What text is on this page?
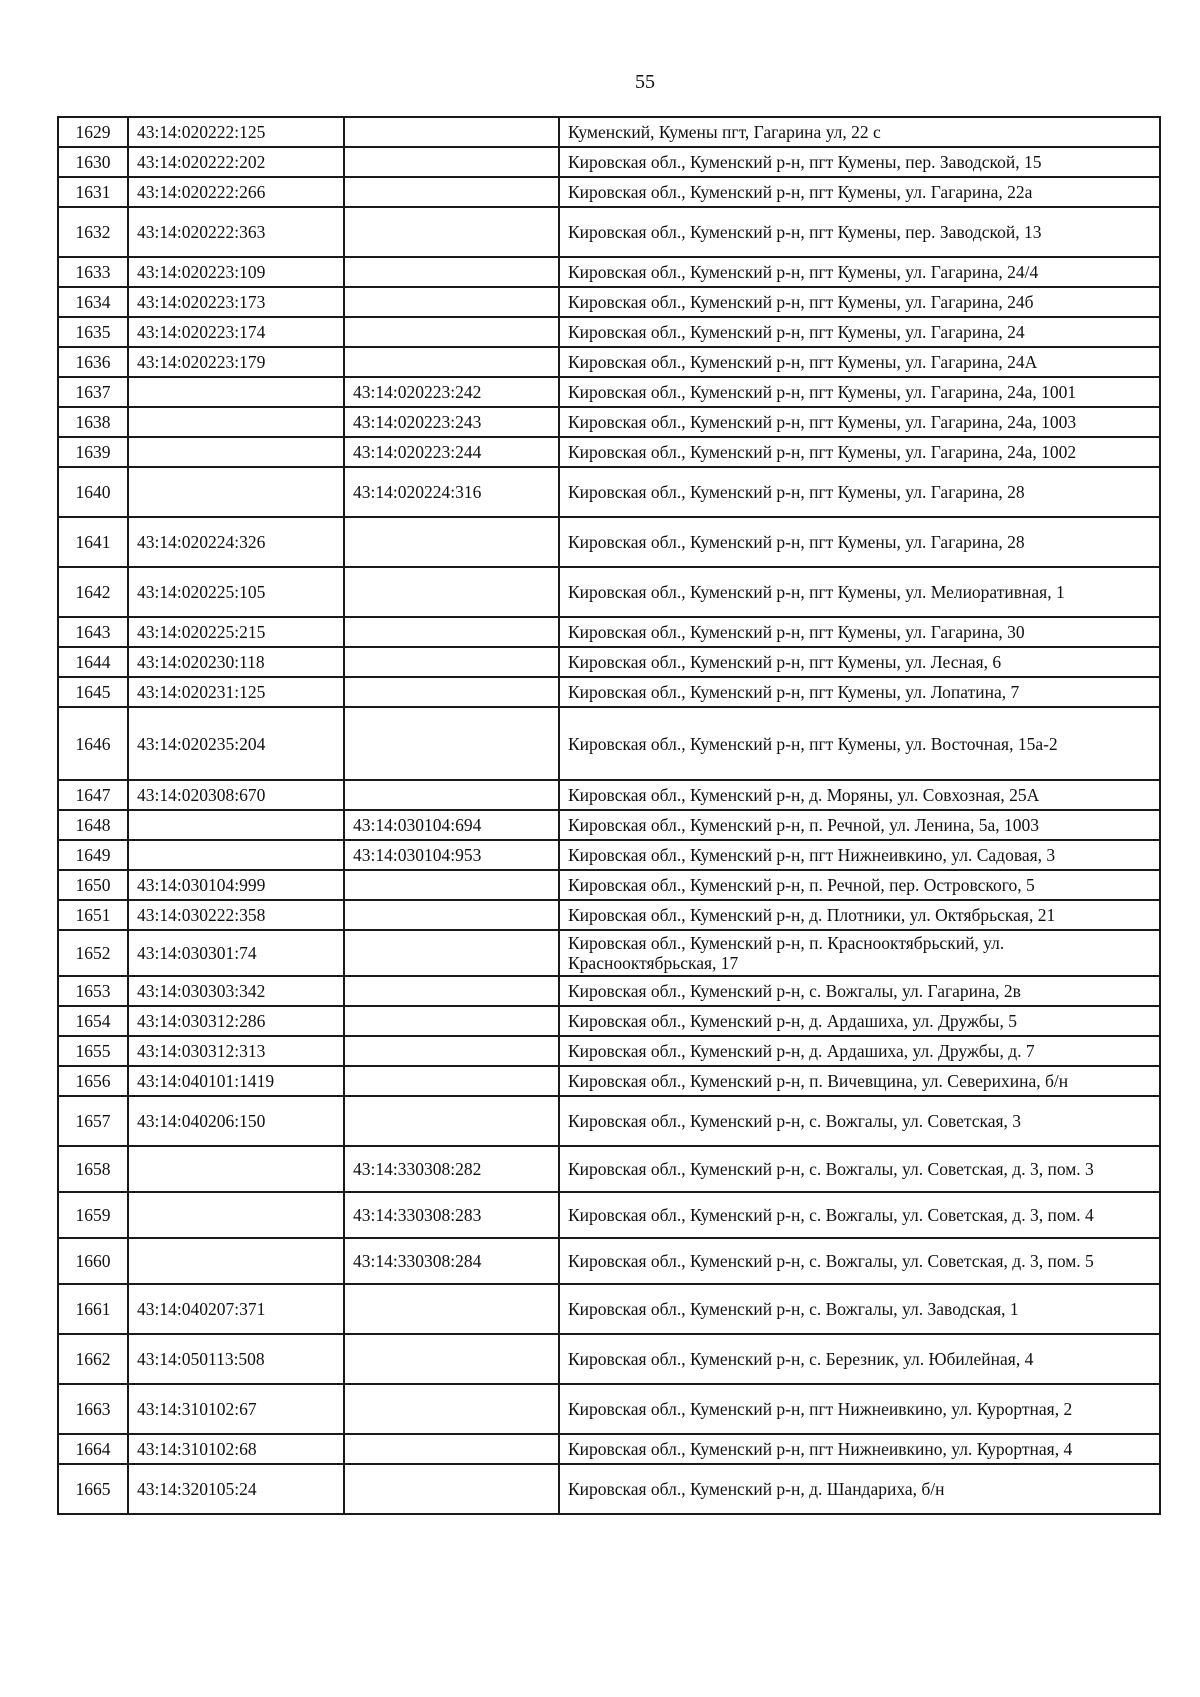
55
1629	43:14:020222:125		Куменский, Кумены пгт, Гагарина ул, 22 с
1630	43:14:020222:202		Кировская обл., Куменский р-н, пгт Кумены, пер. Заводской, 15
1631	43:14:020222:266		Кировская обл., Куменский р-н, пгт Кумены, ул. Гагарина, 22а
1632	43:14:020222:363		Кировская обл., Куменский р-н, пгт Кумены, пер. Заводской, 13
1633	43:14:020223:109		Кировская обл., Куменский р-н, пгт Кумены, ул. Гагарина, 24/4
1634	43:14:020223:173		Кировская обл., Куменский р-н, пгт Кумены, ул. Гагарина, 24б
1635	43:14:020223:174		Кировская обл., Куменский р-н, пгт Кумены, ул. Гагарина, 24
1636	43:14:020223:179		Кировская обл., Куменский р-н, пгт Кумены, ул. Гагарина, 24А
1637		43:14:020223:242	Кировская обл., Куменский р-н, пгт Кумены, ул. Гагарина, 24а, 1001
1638		43:14:020223:243	Кировская обл., Куменский р-н, пгт Кумены, ул. Гагарина, 24а, 1003
1639		43:14:020223:244	Кировская обл., Куменский р-н, пгт Кумены, ул. Гагарина, 24а, 1002
1640		43:14:020224:316	Кировская обл., Куменский р-н, пгт Кумены, ул. Гагарина, 28
1641	43:14:020224:326		Кировская обл., Куменский р-н, пгт Кумены, ул. Гагарина, 28
1642	43:14:020225:105		Кировская обл., Куменский р-н, пгт Кумены, ул. Мелиоративная, 1
1643	43:14:020225:215		Кировская обл., Куменский р-н, пгт Кумены, ул. Гагарина, 30
1644	43:14:020230:118		Кировская обл., Куменский р-н, пгт Кумены, ул. Лесная, 6
1645	43:14:020231:125		Кировская обл., Куменский р-н, пгт Кумены, ул. Лопатина, 7
1646	43:14:020235:204		Кировская обл., Куменский р-н, пгт Кумены, ул. Восточная, 15а-2
1647	43:14:020308:670		Кировская обл., Куменский р-н, д. Моряны, ул. Совхозная, 25А
1648		43:14:030104:694	Кировская обл., Куменский р-н, п. Речной, ул. Ленина, 5а, 1003
1649		43:14:030104:953	Кировская обл., Куменский р-н, пгт Нижнеивкино, ул. Садовая, 3
1650	43:14:030104:999		Кировская обл., Куменский р-н, п. Речной, пер. Островского, 5
1651	43:14:030222:358		Кировская обл., Куменский р-н, д. Плотники, ул. Октябрьская, 21
1652	43:14:030301:74		Кировская обл., Куменский р-н, п. Краснооктябрьский, ул. Краснооктябрьская, 17
1653	43:14:030303:342		Кировская обл., Куменский р-н, с. Вожгалы, ул. Гагарина, 2в
1654	43:14:030312:286		Кировская обл., Куменский р-н, д. Ардашиха, ул. Дружбы, 5
1655	43:14:030312:313		Кировская обл., Куменский р-н, д. Ардашиха, ул. Дружбы, д. 7
1656	43:14:040101:1419		Кировская обл., Куменский р-н, п. Вичевщина, ул. Северихина, б/н
1657	43:14:040206:150		Кировская обл., Куменский р-н, с. Вожгалы, ул. Советская, 3
1658		43:14:330308:282	Кировская обл., Куменский р-н, с. Вожгалы, ул. Советская, д. 3, пом. 3
1659		43:14:330308:283	Кировская обл., Куменский р-н, с. Вожгалы, ул. Советская, д. 3, пом. 4
1660		43:14:330308:284	Кировская обл., Куменский р-н, с. Вожгалы, ул. Советская, д. 3, пом. 5
1661	43:14:040207:371		Кировская обл., Куменский р-н, с. Вожгалы, ул. Заводская, 1
1662	43:14:050113:508		Кировская обл., Куменский р-н, с. Березник, ул. Юбилейная, 4
1663	43:14:310102:67		Кировская обл., Куменский р-н, пгт Нижнеивкино, ул. Курортная, 2
1664	43:14:310102:68		Кировская обл., Куменский р-н, пгт Нижнеивкино, ул. Курортная, 4
1665	43:14:320105:24		Кировская обл., Куменский р-н, д. Шандариха, б/н
